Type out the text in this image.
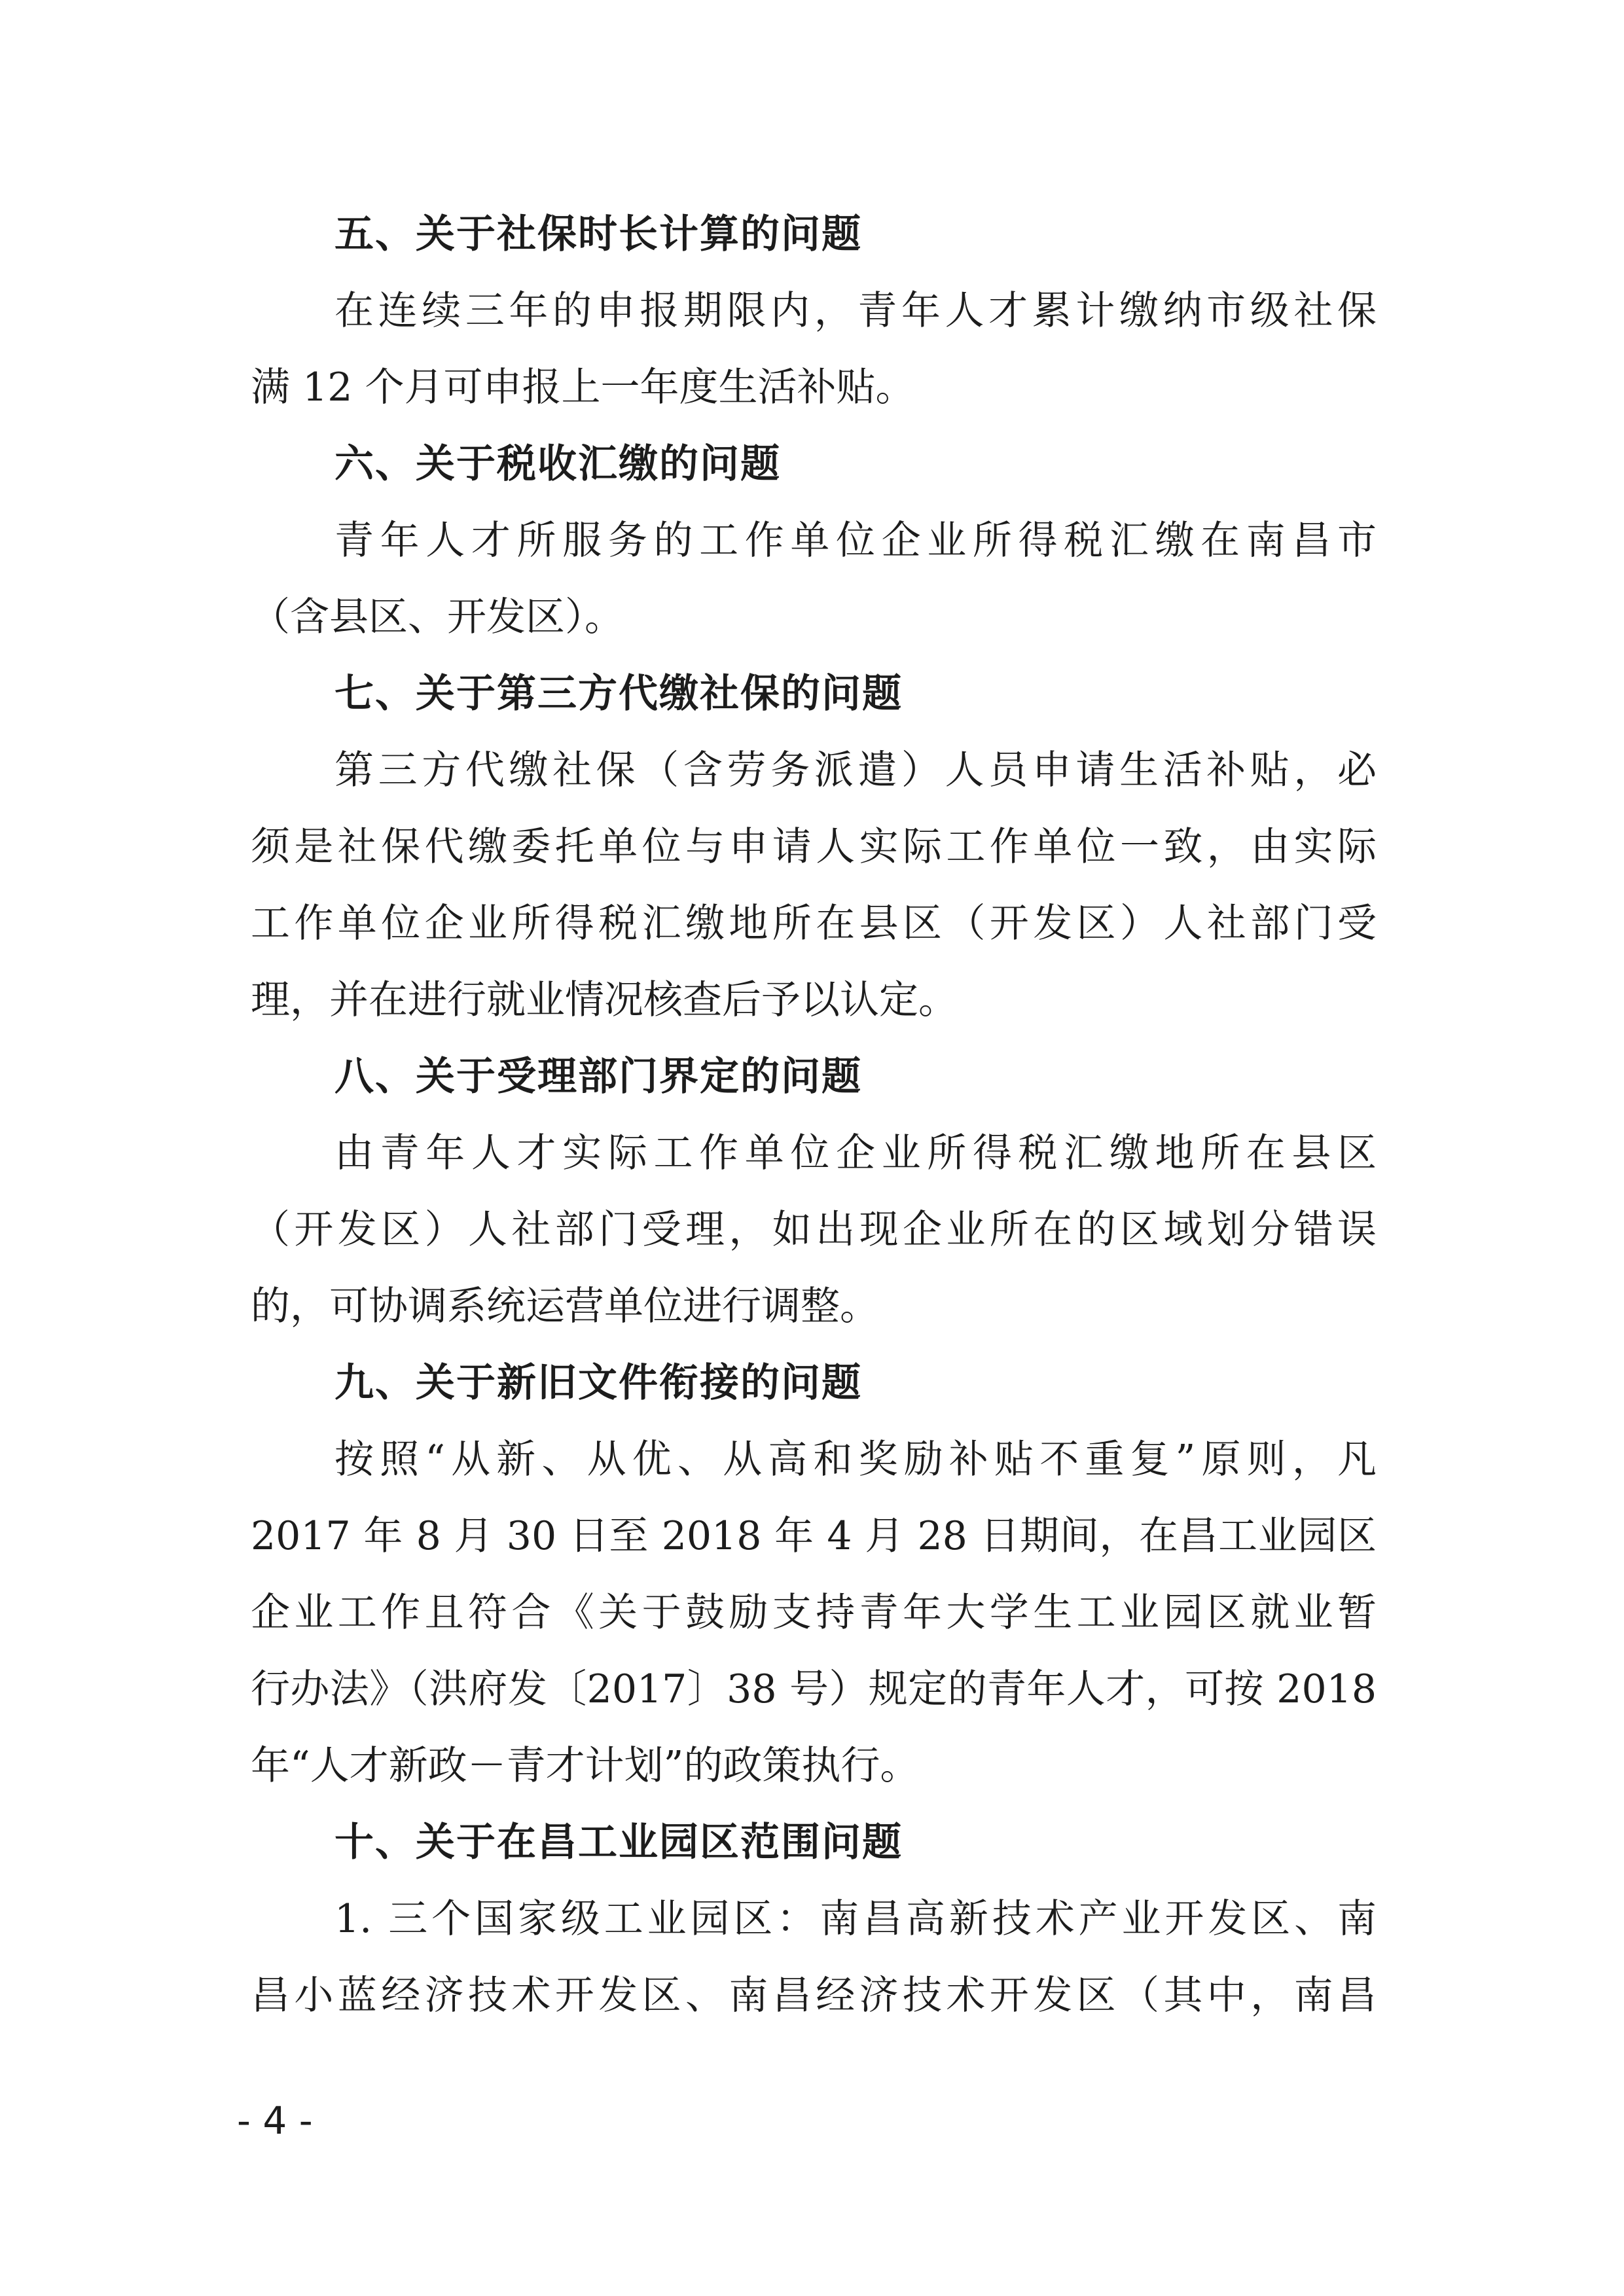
五、关于社保时长计算的问题
在连续三年的申报期限内，青年人才累计缴纳市级社保
满 12 个月可申报上一年度生活补贴。
六、关于税收汇缴的问题
青年人才所服务的工作单位企业所得税汇缴在南昌市
（含县区、开发区）。
七、关于第三方代缴社保的问题
第三方代缴社保（含劳务派遣）人员申请生活补贴，必
须是社保代缴委托单位与申请人实际工作单位一致，由实际
工作单位企业所得税汇缴地所在县区（开发区）人社部门受
理，并在进行就业情况核查后予以认定。
八、关于受理部门界定的问题
由青年人才实际工作单位企业所得税汇缴地所在县区
（开发区）人社部门受理，如出现企业所在的区域划分错误
的，可协调系统运营单位进行调整。
九、关于新旧文件衔接的问题
按照“从新、从优、从高和奖励补贴不重复”原则，凡
2017 年 8 月 30 日至 2018 年 4 月 28 日期间，在昌工业园区
企业工作且符合《关于鼓励支持青年大学生工业园区就业暂
行办法》（洪府发〔2017〕38 号）规定的青年人才，可按 2018
年“人才新政－青才计划”的政策执行。
十、关于在昌工业园区范围问题
1. 三个国家级工业园区：南昌高新技术产业开发区、南
昌小蓝经济技术开发区、南昌经济技术开发区（其中，南昌
- 4 -
